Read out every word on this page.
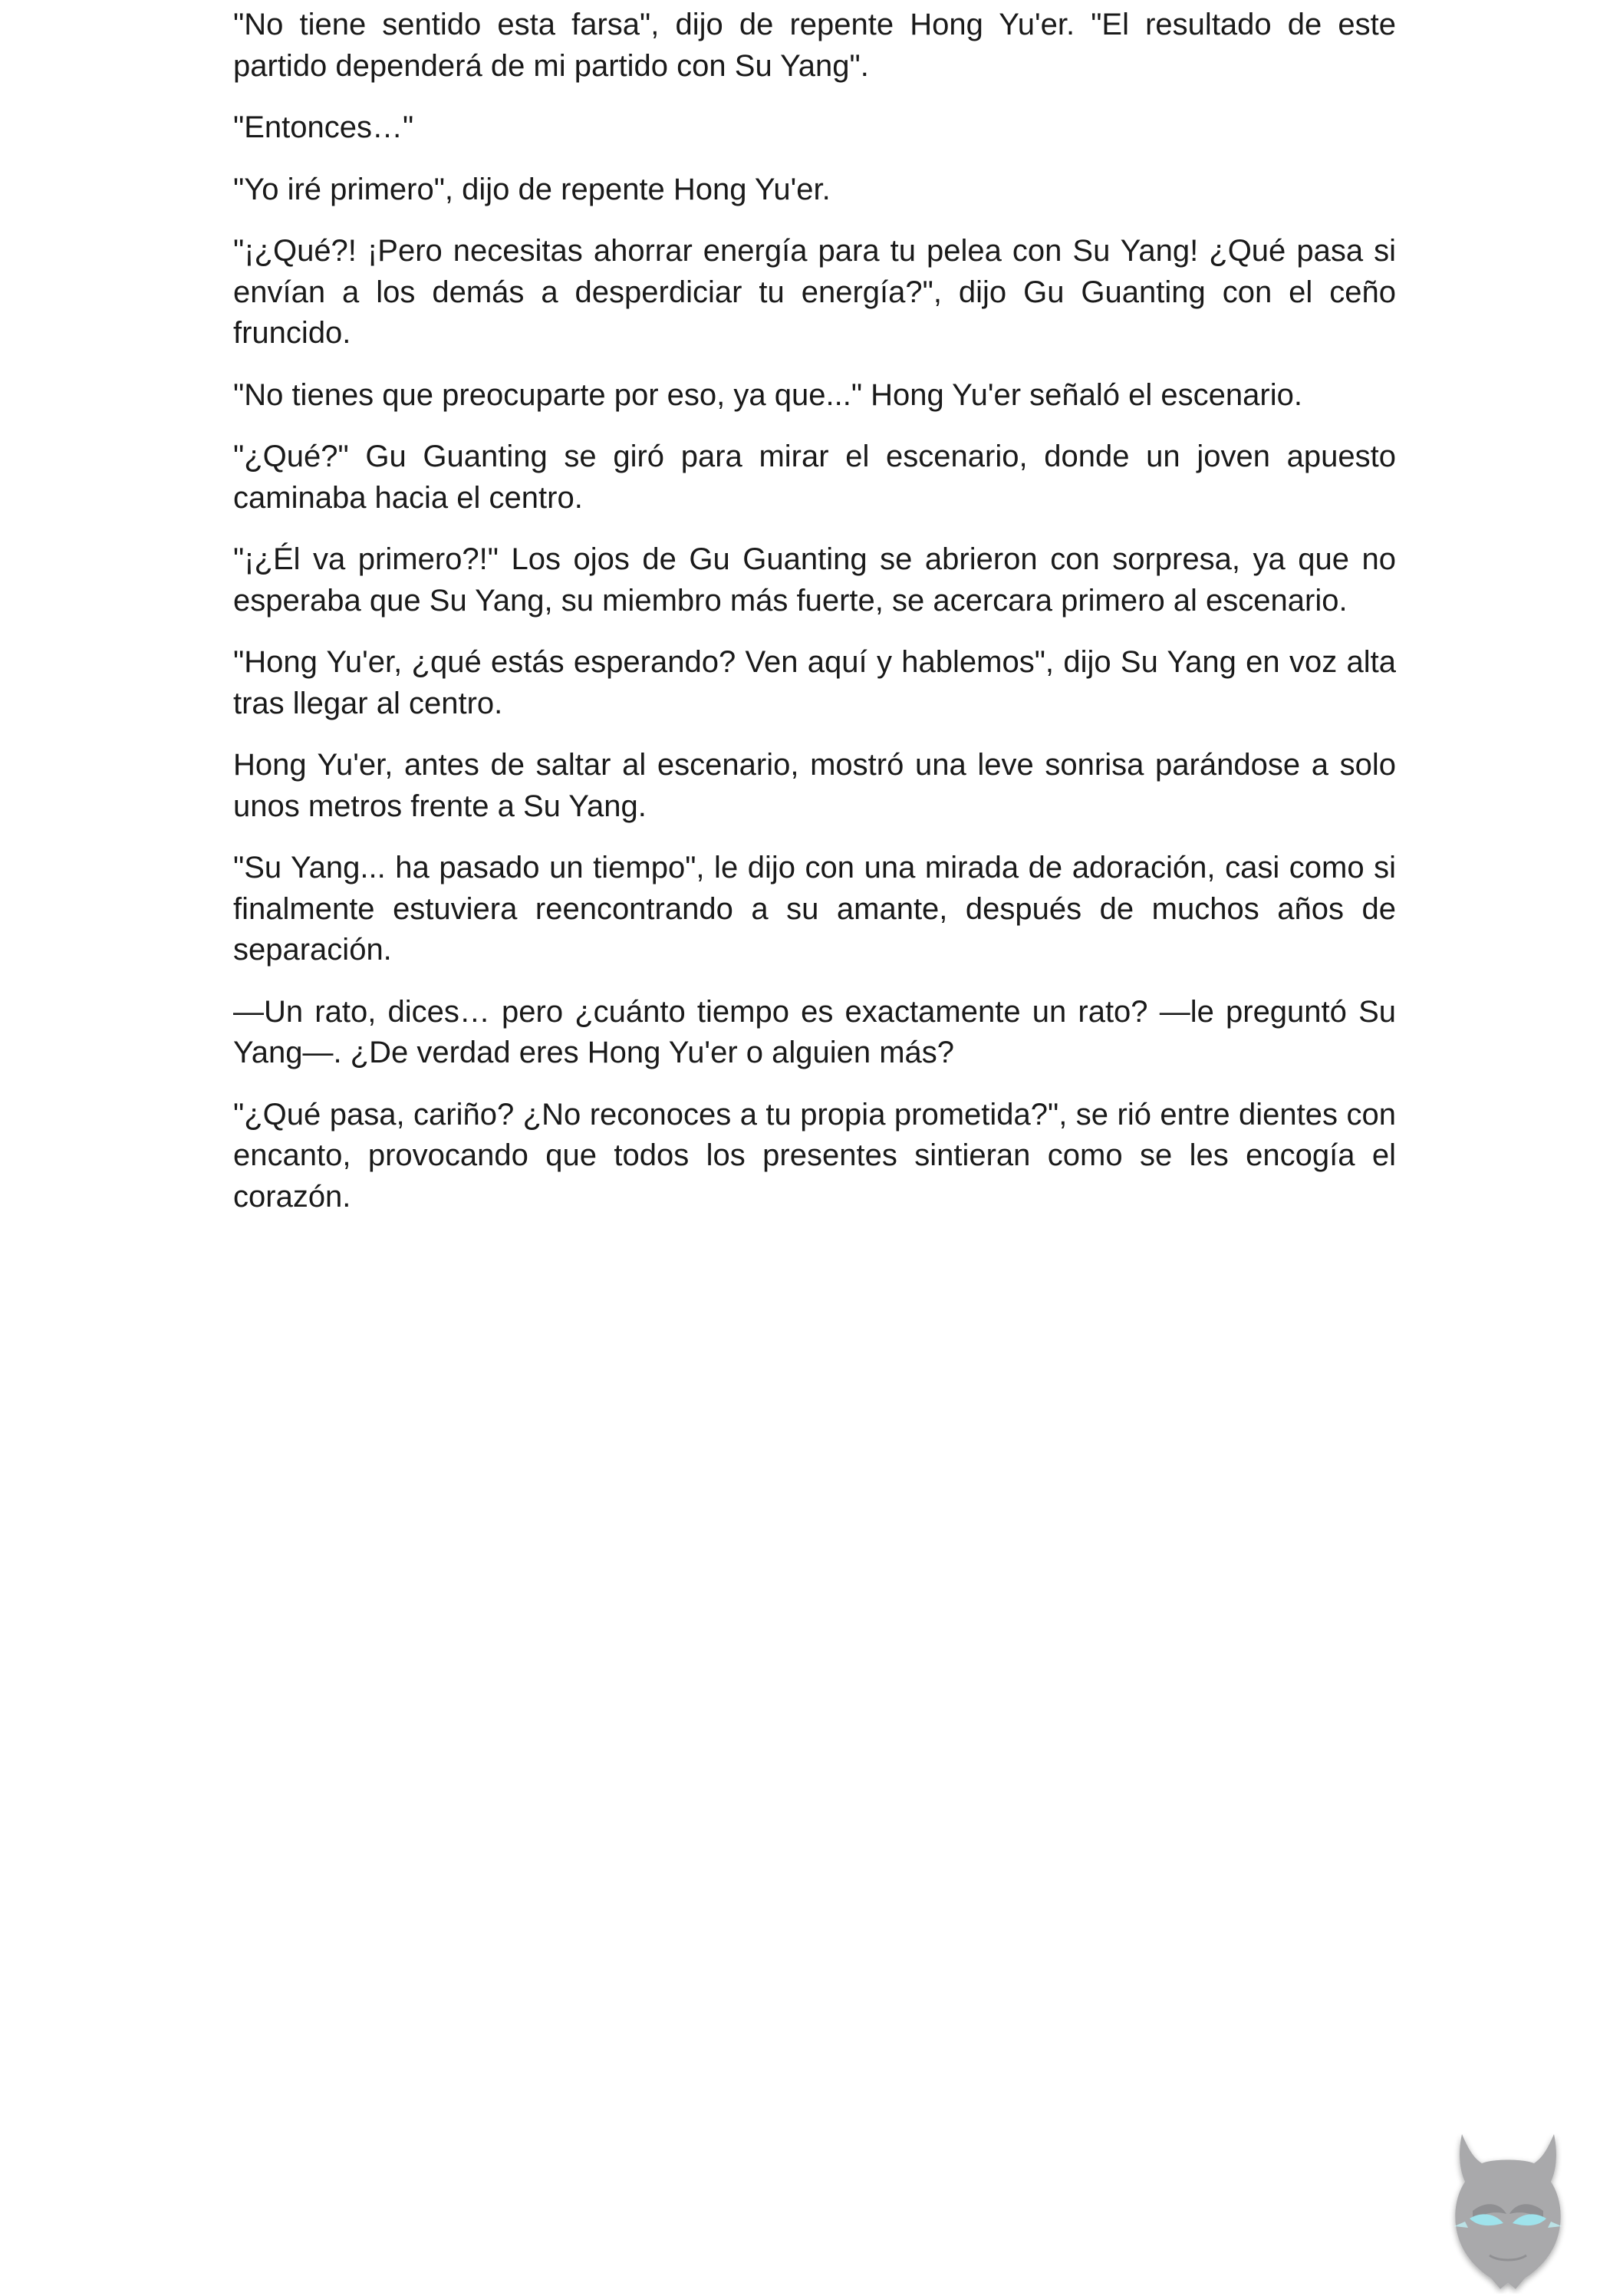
"No tiene sentido esta farsa", dijo de repente Hong Yu'er. "El resultado de este partido dependerá de mi partido con Su Yang".

"Entonces…"

"Yo iré primero", dijo de repente Hong Yu'er.

"¡¿Qué?! ¡Pero necesitas ahorrar energía para tu pelea con Su Yang! ¿Qué pasa si envían a los demás a desperdiciar tu energía?", dijo Gu Guanting con el ceño fruncido.

"No tienes que preocuparte por eso, ya que..." Hong Yu'er señaló el escenario.

"¿Qué?" Gu Guanting se giró para mirar el escenario, donde un joven apuesto caminaba hacia el centro.

"¡¿Él va primero?!" Los ojos de Gu Guanting se abrieron con sorpresa, ya que no esperaba que Su Yang, su miembro más fuerte, se acercara primero al escenario.

"Hong Yu'er, ¿qué estás esperando? Ven aquí y hablemos", dijo Su Yang en voz alta tras llegar al centro.

Hong Yu'er, antes de saltar al escenario, mostró una leve sonrisa parándose a solo unos metros frente a Su Yang.

"Su Yang... ha pasado un tiempo", le dijo con una mirada de adoración, casi como si finalmente estuviera reencontrando a su amante, después de muchos años de separación.

—Un rato, dices… pero ¿cuánto tiempo es exactamente un rato? —le preguntó Su Yang—. ¿De verdad eres Hong Yu'er o alguien más?

"¿Qué pasa, cariño? ¿No reconoces a tu propia prometida?", se rió entre dientes con encanto, provocando que todos los presentes sintieran como se les encogía el corazón.
